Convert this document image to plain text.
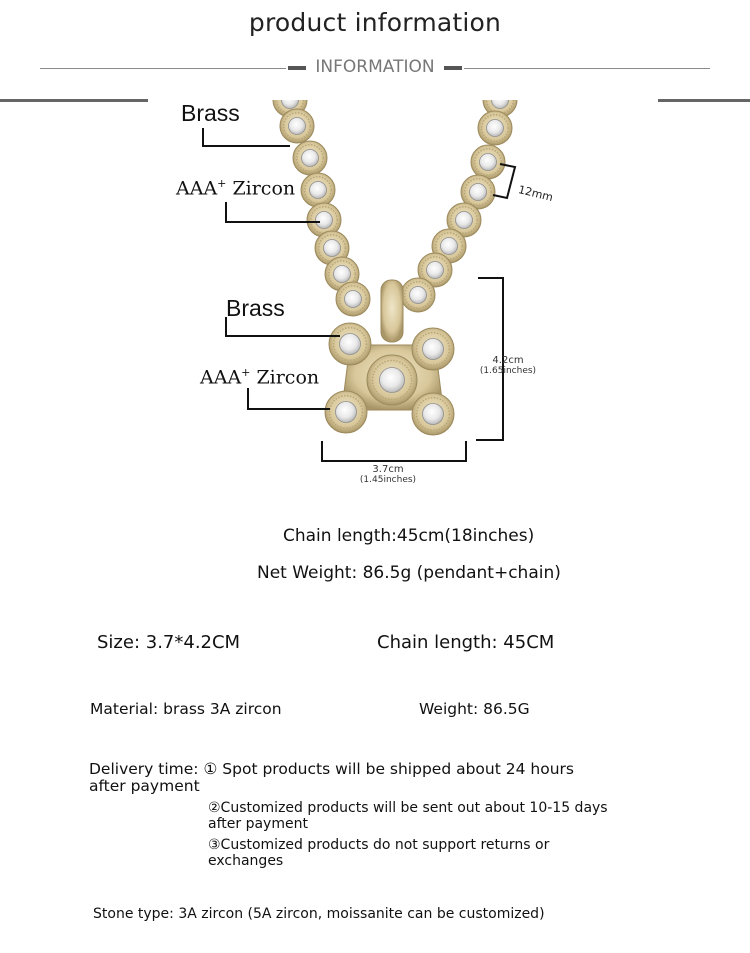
product information
INFORMATION
Brass
AAA+ Zircon
Brass
AAA+ Zircon
12mm
4.2cm
(1.65inches)
3.7cm
(1.45inches)
Chain length:45cm(18inches)
Net Weight: 86.5g (pendant+chain)
Size: 3.7*4.2CM	Chain length: 45CM
Material: brass 3A zircon	Weight: 86.5G
Delivery time: ① Spot products will be shipped about 24 hours
after payment
②Customized products will be sent out about 10-15 days
after payment
③Customized products do not support returns or
exchanges
Stone type: 3A zircon (5A zircon, moissanite can be customized)
